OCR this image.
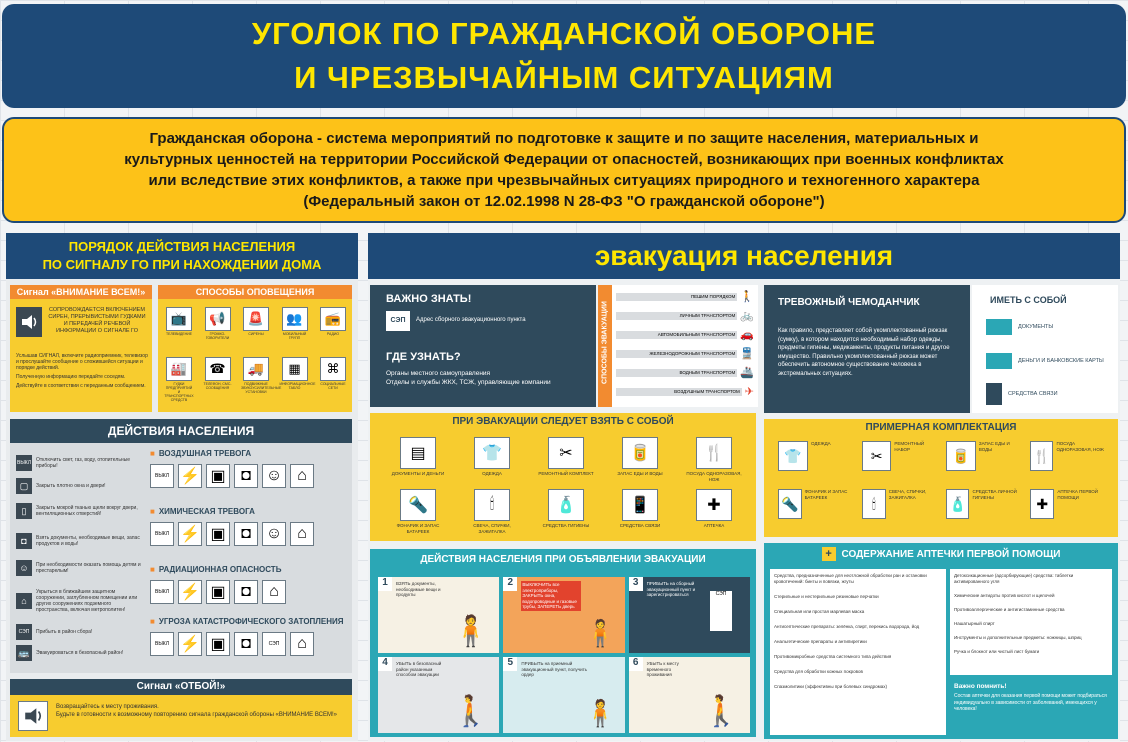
УГОЛОК ПО ГРАЖДАНСКОЙ ОБОРОНЕ
И ЧРЕЗВЫЧАЙНЫМ СИТУАЦИЯМ
Гражданская оборона - система мероприятий по подготовке к защите и по защите населения, материальных и
культурных ценностей на территории Российской Федерации от опасностей, возникающих при военных конфликтах
или вследствие этих конфликтов, а также при чрезвычайных ситуациях природного и техногенного характера
(Федеральный закон от 12.02.1998 N 28-ФЗ "О гражданской обороне")
ПОРЯДОК ДЕЙСТВИЯ НАСЕЛЕНИЯ
ПО СИГНАЛУ ГО ПРИ НАХОЖДЕНИИ ДОМА
Сигнал «ВНИМАНИЕ ВСЕМ!»
СОПРОВОЖДАЕТСЯ ВКЛЮЧЕНИЕМ СИРЕН, ПРЕРЫВИСТЫМИ ГУДКАМИ И ПЕРЕДАЧЕЙ РЕЧЕВОЙ ИНФОРМАЦИИ О СИГНАЛЕ ГО
Услышав СИГНАЛ, включите радиоприемник, телевизор и прослушайте сообщение о сложившейся ситуации и порядке действий.
Полученную информацию передайте соседям.
Действуйте в соответствии с переданным сообщением.
СПОСОБЫ ОПОВЕЩЕНИЯ
📺
ТЕЛЕВИДЕНИЕ
📢
ГРОМКО-ГОВОРИТЕЛИ
🚨
СИРЕНЫ
👥
МОБИЛЬНЫЙ ГРУПП
📻
РАДИО
🏭
ГУДКИ ПРЕДПРИЯТИЙ И ТРАНСПОРТНЫХ СРЕДСТВ
☎
ТЕЛЕФОН, СМС-СООБЩЕНИЯ
🚚
ПОДВИЖНЫЕ ЗВУКОУСИЛИТЕЛЬНЫЕ УСТАНОВКИ
▦
ИНФОРМАЦИОННОЕ ТАБЛО
⌘
СОЦИАЛЬНЫЕ СЕТИ
ДЕЙСТВИЯ НАСЕЛЕНИЯ
ВЫКЛ Отключить свет, газ, воду, отопительные приборы!
▢	Закрыть плотно окна и двери!
▯	Закрыть мокрой тканью щели вокруг двери, вентиляционных отверстий!
◘	Взять документы, необходимые вещи, запас продуктов и воды!
☺	При необходимости оказать помощь детям и престарелым!
⌂
Укрыться в ближайшем защитном сооружении, заглубленном помещении или других сооружениях подземного пространства, включая метрополитен!
СЭП	Прибыть в район сбора!
🚌	Эвакуироваться в безопасный район!
■ ВОЗДУШНАЯ ТРЕВОГА
ВЫКЛ ⚡ ▣ ◘ ☺ ⌂
■ ХИМИЧЕСКАЯ ТРЕВОГА
ВЫКЛ ⚡ ▣ ◘ ☺ ⌂
■ РАДИАЦИОННАЯ ОПАСНОСТЬ
ВЫКЛ ⚡ ▣ ◘	⌂
■ УГРОЗА КАТАСТРОФИЧЕСКОГО ЗАТОПЛЕНИЯ
ВЫКЛ ⚡ ▣ ◘	СЭП	⌂
Сигнал «ОТБОЙ!»
Возвращайтесь к месту проживания.
Будьте в готовности к возможному повторению сигнала гражданской обороны «ВНИМАНИЕ ВСЕМ!»
эвакуация населения
ВАЖНО ЗНАТЬ!
СЭП	Адрес сборного эвакуационного пункта
ГДЕ УЗНАТЬ?
Органы местного самоуправления
Отделы и службы ЖКХ, ТСЖ, управляющие компании	СПОСОБЫ ЭВАКУАЦИИ
ПЕШИМ ПОРЯДКОМ 🚶
ЛИЧНЫМ ТРАНСПОРТОМ 🚲
АВТОМОБИЛЬНЫМ ТРАНСПОРТОМ 🚗
ЖЕЛЕЗНОДОРОЖНЫМ ТРАНСПОРТОМ 🚆
ВОДНЫМ ТРАНСПОРТОМ 🚢
ВОЗДУШНЫМ ТРАНСПОРТОМ ✈
ТРЕВОЖНЫЙ ЧЕМОДАНЧИК
Как правило, представляет собой укомплектованный рюкзак (сумку), в котором находится необходимый набор одежды, предметы гигиены, медикаменты, продукты питания и другое имущество. Правильно укомплектованный рюкзак может обеспечить автономное существование человека в экстремальных ситуациях.
ИМЕТЬ С СОБОЙ
ДОКУМЕНТЫ
ДЕНЬГИ И БАНКОВСКИЕ КАРТЫ
СРЕДСТВА СВЯЗИ
ПРИ ЭВАКУАЦИИ СЛЕДУЕТ ВЗЯТЬ С СОБОЙ
▤
ДОКУМЕНТЫ И ДЕНЬГИ
👕
ОДЕЖДА
✂
РЕМОНТНЫЙ КОМПЛЕКТ
🥫
ЗАПАС ЕДЫ И ВОДЫ
🍴
ПОСУДА ОДНОРАЗОВАЯ, НОЖ
🔦
ФОНАРИК И ЗАПАС БАТАРЕЕК
🕯
СВЕЧА, СПИЧКИ, ЗАЖИГАЛКА
🧴
СРЕДСТВА ГИГИЕНЫ
📱
СРЕДСТВА СВЯЗИ
✚
АПТЕЧКА
ПРИМЕРНАЯ КОМПЛЕКТАЦИЯ
👕
ОДЕЖДА
✂
РЕМОНТНЫЙ НАБОР	🥫
ЗАПАС ЕДЫ И ВОДЫ	🍴
ПОСУДА ОДНОРАЗОВАЯ, НОЖ
🔦
ФОНАРИК И ЗАПАС БАТАРЕЕК	🕯
СВЕЧА, СПИЧКИ, ЗАЖИГАЛКА	🧴
СРЕДСТВА ЛИЧНОЙ ГИГИЕНЫ	✚
АПТЕЧКА ПЕРВОЙ ПОМОЩИ
ДЕЙСТВИЯ НАСЕЛЕНИЯ ПРИ ОБЪЯВЛЕНИИ ЭВАКУАЦИИ
1	ВЗЯТЬ документы, необходимые вещи и продукты
🧍
2	ВЫКЛЮЧИТЬ все электроприборы, ЗАКРЫТЬ окна, водопроводные и газовые трубы, ЗАПЕРЕТЬ дверь
🧍
3	ПРИБЫТЬ на сборный эвакуационный пункт и зарегистрироваться	СЭП
4	УБЫТЬ в безопасный район указанным способом эвакуации
🚶
5	ПРИБЫТЬ на приемный эвакуационный пункт, получить ордер
🧍
6	УБЫТЬ к месту временного проживания
🚶
+ СОДЕРЖАНИЕ АПТЕЧКИ ПЕРВОЙ ПОМОЩИ
Средства, предназначенные для неотложной обработки ран и остановки кровотечений: бинты и повязки, жгуты
Стерильные и нестерильные резиновые перчатки
Специальная или простая марлевая маска
Антисептические препараты: зелёнка, спирт, перекись водорода, йод
Анальгетические препараты и антипиретики
Противомикробные средства системного типа действия
Средства для обработки кожных покровов
Спазмолитики (эффективны при болевых синдромах)
Детоксикационные (адсорбирующие) средства: таблетки активированного угля
Химические антидоты против кислот и щелочей
Противоаллергические и антигистаминные средства
Нашатырный спирт
Инструменты и дополнительные предметы: ножницы, шприц
Ручка и блокнот или чистый лист бумаги
Важно помнить!
Состав аптечки для оказания первой помощи может подбираться индивидуально в зависимости от заболеваний, имеющихся у человека!
